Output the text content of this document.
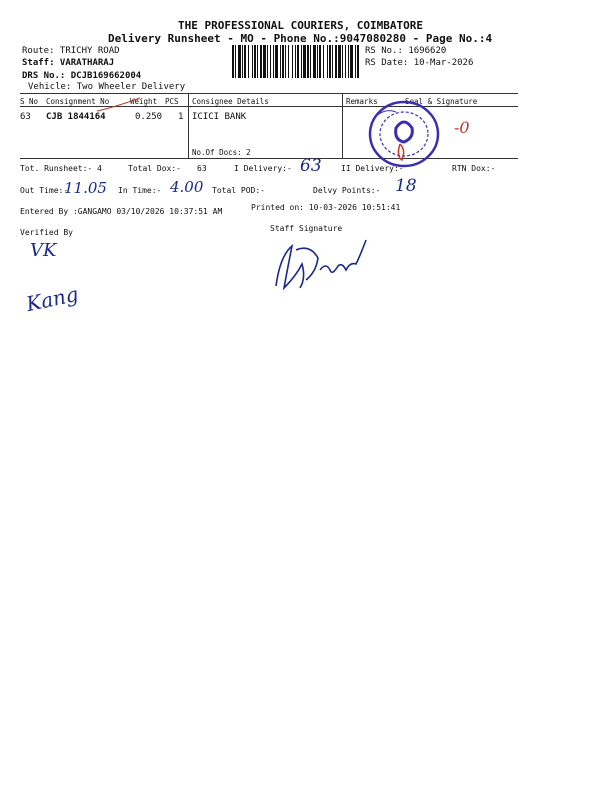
THE PROFESSIONAL COURIERS, COIMBATORE
Delivery Runsheet - MO - Phone No.:9047080280 - Page No.:4
Route: TRICHY ROAD
Staff: VARATHARAJ
DRS No.: DCJB169662004
Vehicle: Two Wheeler Delivery
RS No.: 1696620
RS Date: 10-Mar-2026
S No Consignment No	Weight PCS Consignee Details	Remarks	Seal & Signature
63 CJB 1844164	0.250 1 ICICI BANK
No.Of Docs: 2
-0
Tot. Runsheet:- 4	Total Dox:- 63	I Delivery:- 63 II Delivery:-	RTN Dox:-
Out Time:-
11.05 In Time:- 4.00 Total POD:-	Delvy Points:- 18
Entered By :GANGAMO 03/10/2026 10:37:51 AM	Printed on: 10-03-2026 10:51:41
Verified By	Staff Signature
VK
Kang
